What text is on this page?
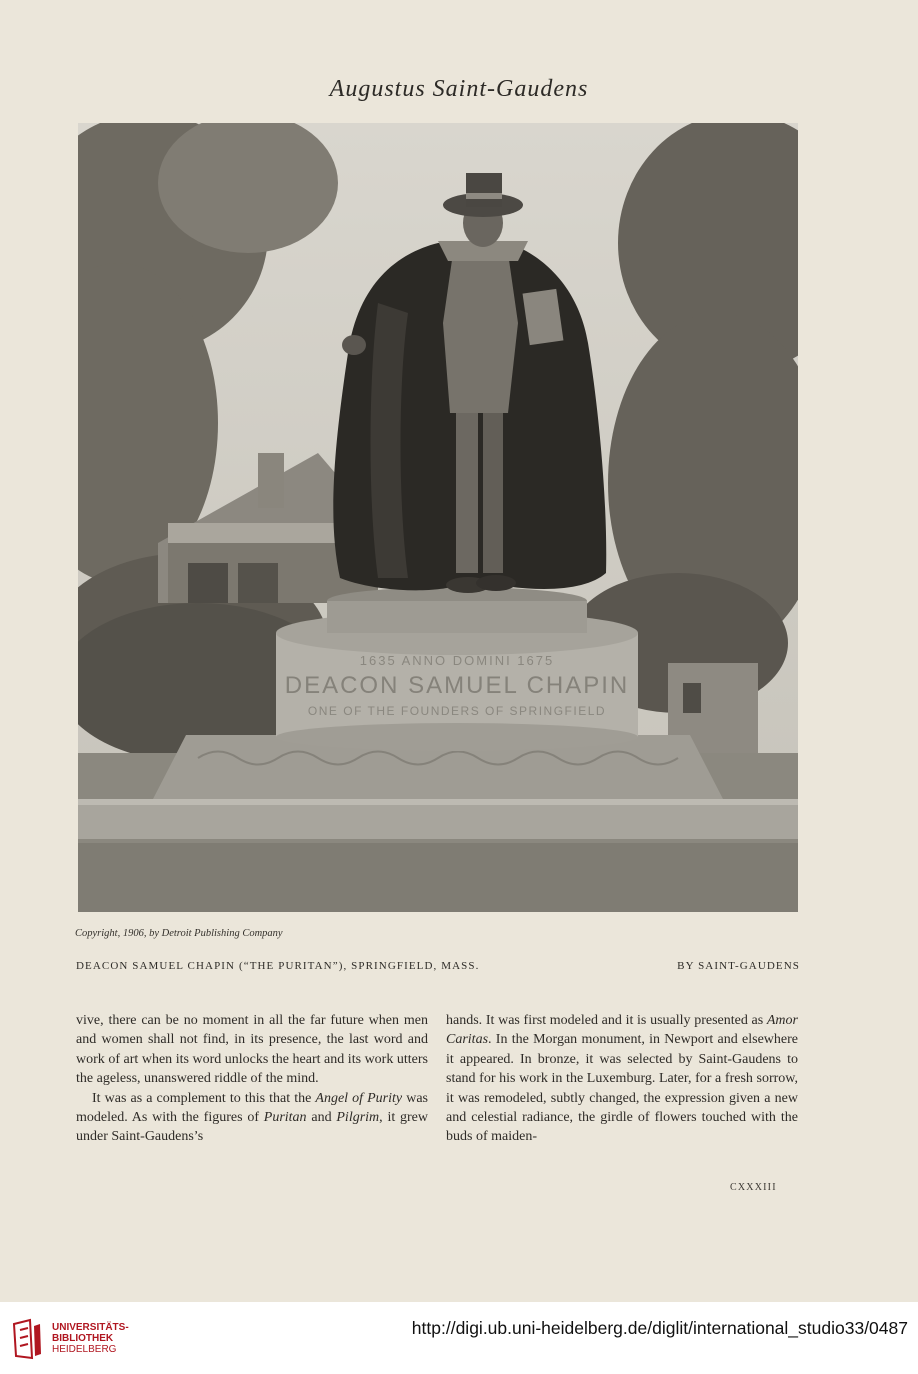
Augustus Saint-Gaudens
1635 ANNO DOMINI 1675
DEACON SAMUEL CHAPIN
ONE OF THE FOUNDERS OF SPRINGFIELD
Copyright, 1906, by Detroit Publishing Company
DEACON SAMUEL CHAPIN (“THE PURITAN”), SPRINGFIELD, MASS.	BY SAINT-GAUDENS

vive, there can be no moment in all the far future when men and women shall not find, in its presence, the last word and work of art when its word unlocks the heart and its work utters the ageless, unanswered riddle of the mind.

It was as a complement to this that the Angel of Purity was modeled. As with the figures of Puritan and Pilgrim, it grew under Saint-Gaudens’s

hands. It was first modeled and it is usually presented as Amor Caritas. In the Morgan monument, in Newport and elsewhere it appeared. In bronze, it was selected by Saint-Gaudens to stand for his work in the Luxemburg. Later, for a fresh sorrow, it was remodeled, subtly changed, the expression given a new and celestial radiance, the girdle of flowers touched with the buds of maiden-

CXXXIII
UNIVERSITÄTS-
BIBLIOTHEK
HEIDELBERG
http://digi.ub.uni-heidelberg.de/diglit/international_studio33/0487
